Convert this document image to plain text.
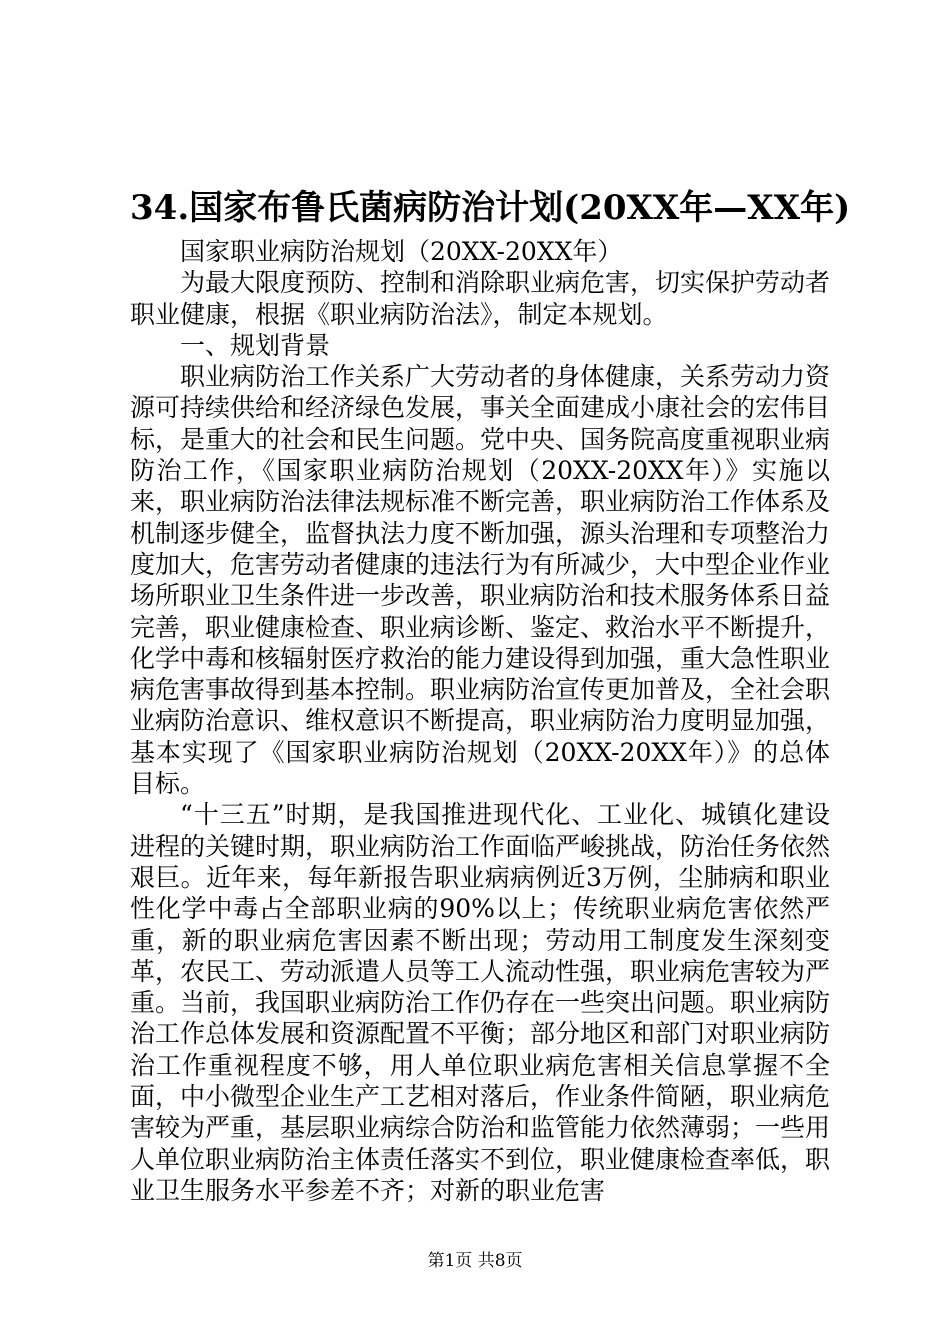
34.国家布鲁氏菌病防治计划(20XX年—XX年)

国家职业病防治规划（20XX-20XX年）

为最大限度预防、控制和消除职业病危害，切实保护劳动者职业健康，根据《职业病防治法》，制定本规划。

一、规划背景

职业病防治工作关系广大劳动者的身体健康，关系劳动力资源可持续供给和经济绿色发展，事关全面建成小康社会的宏伟目标，是重大的社会和民生问题。党中央、国务院高度重视职业病防治工作，《国家职业病防治规划（20XX-20XX年）》实施以来，职业病防治法律法规标准不断完善，职业病防治工作体系及机制逐步健全，监督执法力度不断加强，源头治理和专项整治力度加大，危害劳动者健康的违法行为有所减少，大中型企业作业场所职业卫生条件进一步改善，职业病防治和技术服务体系日益完善，职业健康检查、职业病诊断、鉴定、救治水平不断提升，化学中毒和核辐射医疗救治的能力建设得到加强，重大急性职业病危害事故得到基本控制。职业病防治宣传更加普及，全社会职业病防治意识、维权意识不断提高，职业病防治力度明显加强，基本实现了《国家职业病防治规划（20XX-20XX年）》的总体目标。

“十三五”时期，是我国推进现代化、工业化、城镇化建设进程的关键时期，职业病防治工作面临严峻挑战，防治任务依然艰巨。近年来，每年新报告职业病病例近3万例，尘肺病和职业性化学中毒占全部职业病的90%以上；传统职业病危害依然严重，新的职业病危害因素不断出现；劳动用工制度发生深刻变革，农民工、劳动派遣人员等工人流动性强，职业病危害较为严重。当前，我国职业病防治工作仍存在一些突出问题。职业病防治工作总体发展和资源配置不平衡；部分地区和部门对职业病防治工作重视程度不够，用人单位职业病危害相关信息掌握不全面，中小微型企业生产工艺相对落后，作业条件简陋，职业病危害较为严重，基层职业病综合防治和监管能力依然薄弱；一些用人单位职业病防治主体责任落实不到位，职业健康检查率低，职业卫生服务水平参差不齐；对新的职业危害

第1页 共8页
